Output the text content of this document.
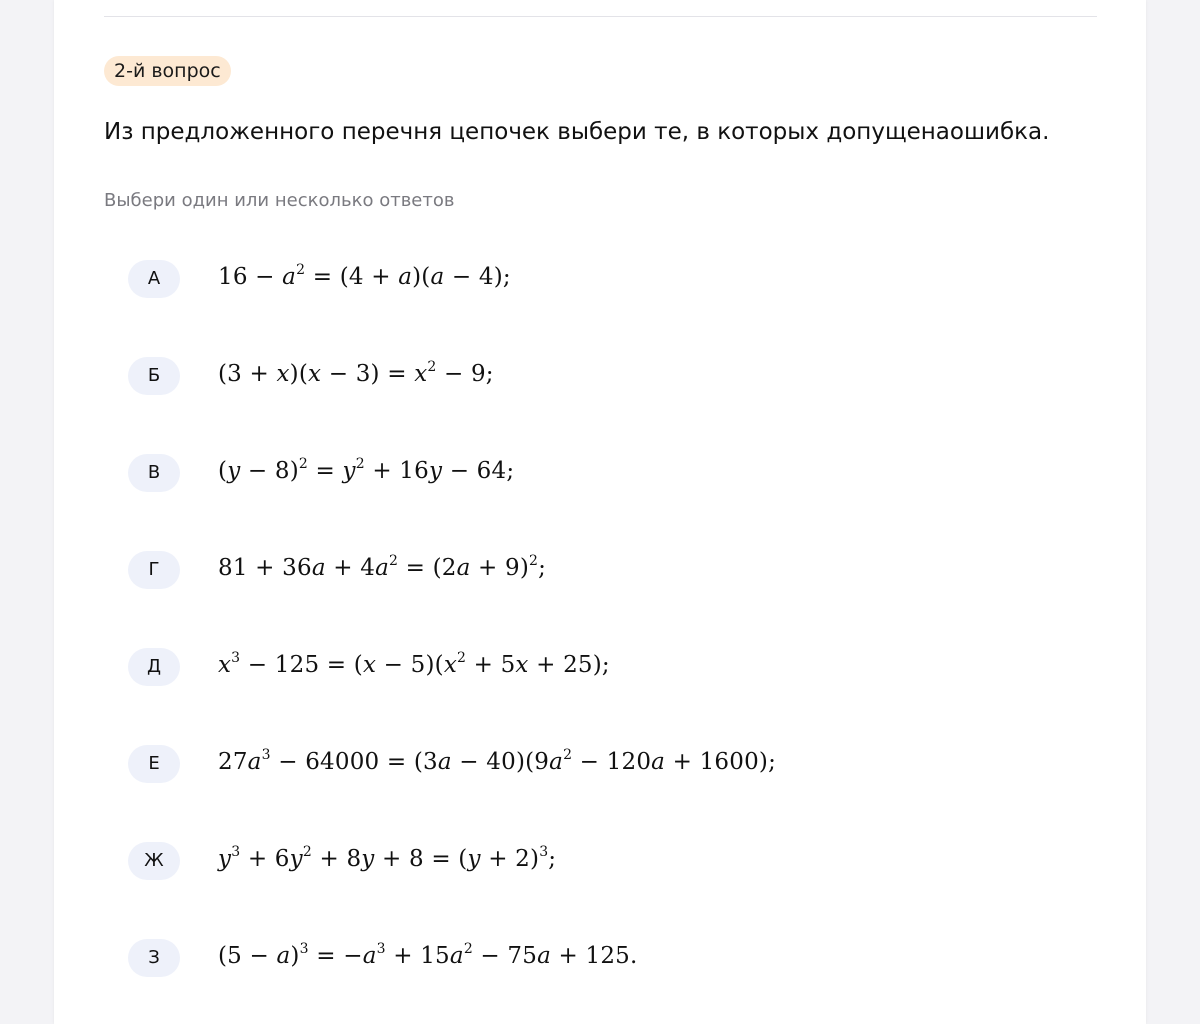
2-й вопрос
Из предложенного перечня цепочек выбери те, в которых допущенаошибка.
Выбери один или несколько ответов
А	$16 - a^2 = (4 + a)(a - 4)$;
Б	$(3 + x)(x - 3) = x^2 - 9$;
В	$(y - 8)^2 = y^2 + 16y - 64$;
Г	$81 + 36a + 4a^2 = (2a + 9)^2$;
Д	$x^3 - 125 = (x - 5)(x^2 + 5x + 25)$;
Е	$27a^3 - 64000 = (3a - 40)(9a^2 - 120a + 1600)$;
Ж	$y^3 + 6y^2 + 8y + 8 = (y + 2)^3$;
З	$(5 - a)^3 = -a^3 + 15a^2 - 75a + 125$.
